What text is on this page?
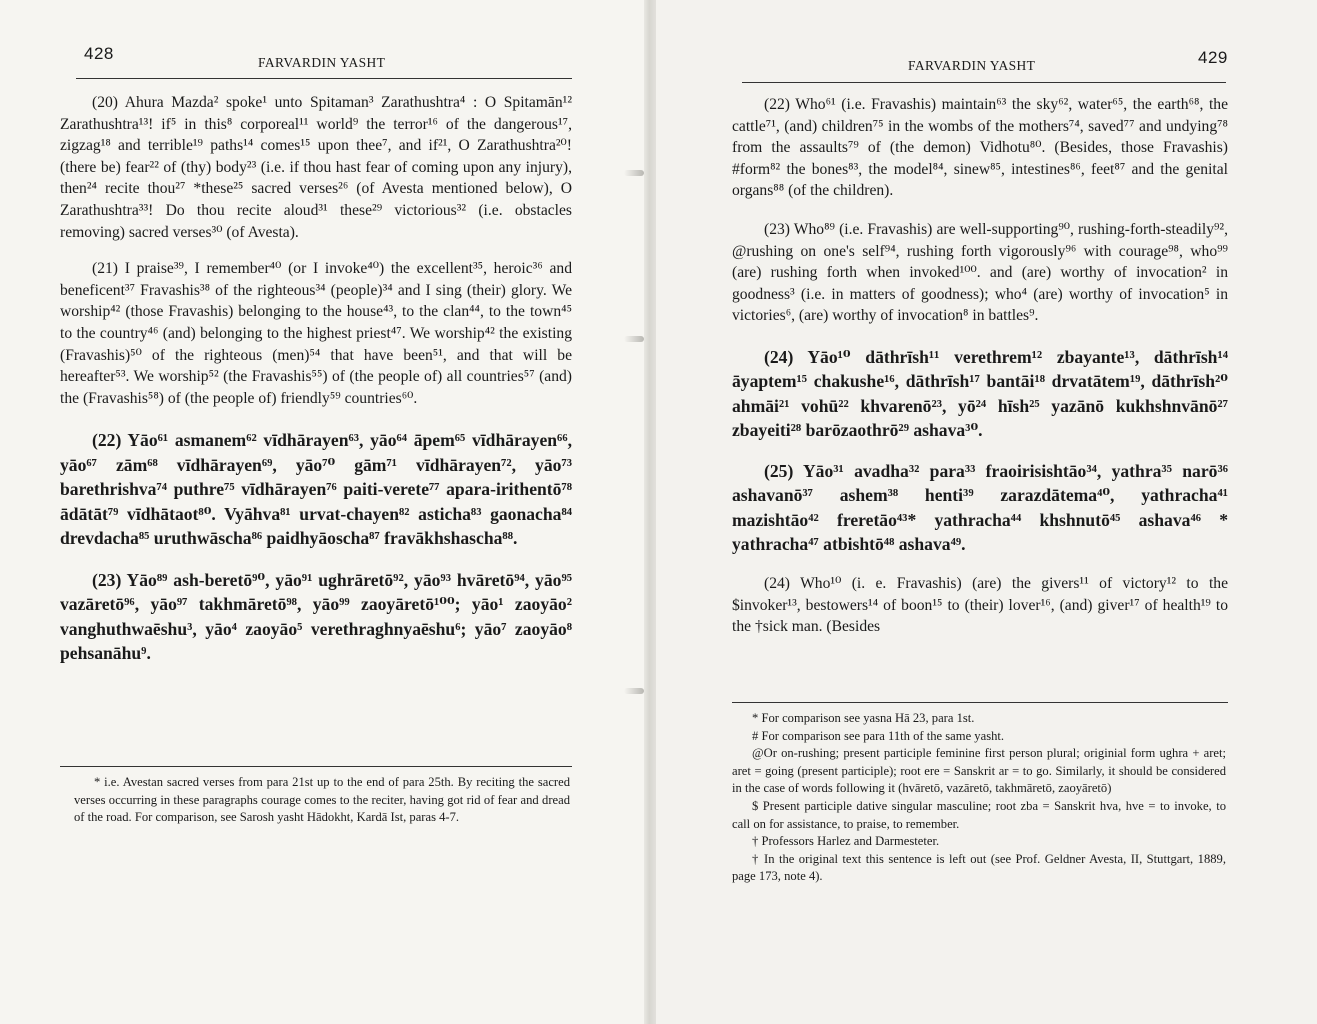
428	FARVARDIN YASHT

(20) Ahura Mazda² spoke¹ unto Spitaman³ Zarathushtra⁴ : O Spitamān¹² Zarathushtra¹³! if⁵ in this⁸ corporeal¹¹ world⁹ the terror¹⁶ of the dangerous¹⁷, zigzag¹⁸ and terrible¹⁹ paths¹⁴ comes¹⁵ upon thee⁷, and if²¹, O Zarathushtra²⁰! (there be) fear²² of (thy) body²³ (i.e. if thou hast fear of coming upon any injury), then²⁴ recite thou²⁷ *these²⁵ sacred verses²⁶ (of Avesta mentioned below), O Zarathushtra³³! Do thou recite aloud³¹ these²⁹ victorious³² (i.e. obstacles removing) sacred verses³⁰ (of Avesta).

(21) I praise³⁹, I remember⁴⁰ (or I invoke⁴⁰) the excellent³⁵, heroic³⁶ and beneficent³⁷ Fravashis³⁸ of the righteous³⁴ (people)³⁴ and I sing (their) glory. We worship⁴² (those Fravashis) belonging to the house⁴³, to the clan⁴⁴, to the town⁴⁵ to the country⁴⁶ (and) belonging to the highest priest⁴⁷. We worship⁴² the existing (Fravashis)⁵⁰ of the righteous (men)⁵⁴ that have been⁵¹, and that will be hereafter⁵³. We worship⁵² (the Fravashis⁵⁵) of (the people of) all countries⁵⁷ (and) the (Fravashis⁵⁸) of (the people of) friendly⁵⁹ countries⁶⁰.

(22) Yāo⁶¹ asmanem⁶² vīdhārayen⁶³, yāo⁶⁴ āpem⁶⁵ vīdhārayen⁶⁶, yāo⁶⁷ zām⁶⁸ vīdhārayen⁶⁹, yāo⁷⁰ gām⁷¹ vīdhārayen⁷², yāo⁷³ barethrishva⁷⁴ puthre⁷⁵ vīdhārayen⁷⁶ paiti-verete⁷⁷ apara-irithentō⁷⁸ ādātāt⁷⁹ vīdhātaot⁸⁰. Vyāhva⁸¹ urvat-chayen⁸² asticha⁸³ gaonacha⁸⁴ drevdacha⁸⁵ uruthwāscha⁸⁶ paidhyāoscha⁸⁷ fravākhshascha⁸⁸.

(23) Yāo⁸⁹ ash-beretō⁹⁰, yāo⁹¹ ughrāretō⁹², yāo⁹³ hvāretō⁹⁴, yāo⁹⁵ vazāretō⁹⁶, yāo⁹⁷ takhmāretō⁹⁸, yāo⁹⁹ zaoyāretō¹⁰⁰; yāo¹ zaoyāo² vanghuthwaēshu³, yāo⁴ zaoyāo⁵ verethraghnyaēshu⁶; yāo⁷ zaoyāo⁸ pehsanāhu⁹.

* i.e. Avestan sacred verses from para 21st up to the end of para 25th. By reciting the sacred verses occurring in these paragraphs courage comes to the reciter, having got rid of fear and dread of the road. For comparison, see Sarosh yasht Hādokht, Kardā Ist, paras 4-7.

FARVARDIN YASHT	429

(22) Who⁶¹ (i.e. Fravashis) maintain⁶³ the sky⁶², water⁶⁵, the earth⁶⁸, the cattle⁷¹, (and) children⁷⁵ in the wombs of the mothers⁷⁴, saved⁷⁷ and undying⁷⁸ from the assaults⁷⁹ of (the demon) Vidhotu⁸⁰. (Besides, those Fravashis) #form⁸² the bones⁸³, the model⁸⁴, sinew⁸⁵, intestines⁸⁶, feet⁸⁷ and the genital organs⁸⁸ (of the children).

(23) Who⁸⁹ (i.e. Fravashis) are well-supporting⁹⁰, rushing-forth-steadily⁹², @rushing on one's self⁹⁴, rushing forth vigorously⁹⁶ with courage⁹⁸, who⁹⁹ (are) rushing forth when invoked¹⁰⁰. and (are) worthy of invocation² in goodness³ (i.e. in matters of goodness); who⁴ (are) worthy of invocation⁵ in victories⁶, (are) worthy of invocation⁸ in battles⁹.

(24) Yāo¹⁰ dāthrīsh¹¹ verethrem¹² zbayante¹³, dāthrīsh¹⁴ āyaptem¹⁵ chakushe¹⁶, dāthrīsh¹⁷ bantāi¹⁸ drvatātem¹⁹, dāthrīsh²⁰ ahmāi²¹ vohū²² khvarenō²³, yō²⁴ hīsh²⁵ yazānō kukhshnvānō²⁷ zbayeiti²⁸ barōzaothrō²⁹ ashava³⁰.

(25) Yāo³¹ avadha³² para³³ fraoirisishtāo³⁴, yathra³⁵ narō³⁶ ashavanō³⁷ ashem³⁸ henti³⁹ zarazdātema⁴⁰, yathracha⁴¹ mazishtāo⁴² freretāo⁴³* yathracha⁴⁴ khshnutō⁴⁵ ashava⁴⁶ * yathracha⁴⁷ atbishtō⁴⁸ ashava⁴⁹.

(24) Who¹⁰ (i. e. Fravashis) (are) the givers¹¹ of victory¹² to the $invoker¹³, bestowers¹⁴ of boon¹⁵ to (their) lover¹⁶, (and) giver¹⁷ of health¹⁹ to the †sick man. (Besides

* For comparison see yasna Hā 23, para 1st.

# For comparison see para 11th of the same yasht.

@Or on-rushing; present participle feminine first person plural; originial form ughra + aret; aret = going (present participle); root ere = Sanskrit ar = to go. Similarly, it should be considered in the case of words following it (hvāretō, vazāretō, takhmāretō, zaoyāretō)

$ Present participle dative singular masculine; root zba = Sanskrit hva, hve = to invoke, to call on for assistance, to praise, to remember.

† Professors Harlez and Darmesteter.

† In the original text this sentence is left out (see Prof. Geldner Avesta, II, Stuttgart, 1889, page 173, note 4).
